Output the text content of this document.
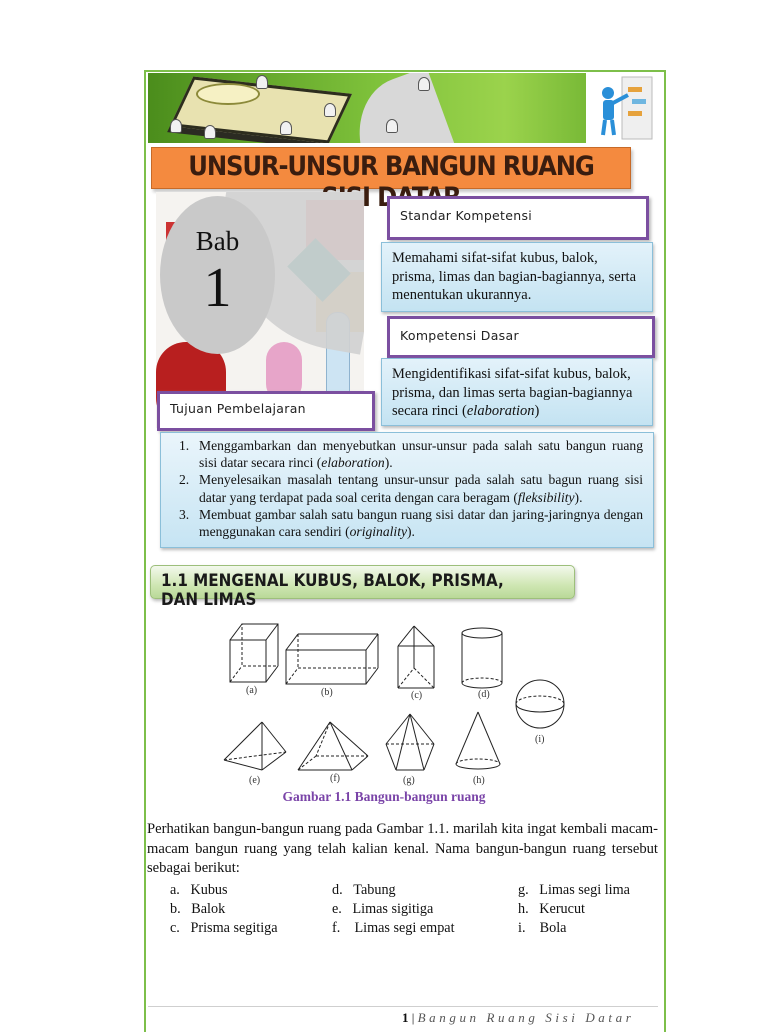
UNSUR-UNSUR BANGUN RUANG
Bab
1
Standar Kompetensi
Memahami sifat-sifat kubus, balok, prisma, limas dan bagian-bagiannya, serta menentukan ukurannya.
Kompetensi Dasar
Mengidentifikasi sifat-sifat kubus, balok, prisma, dan limas serta bagian-bagiannya secara rinci (elaboration)
Tujuan Pembelajaran
1. Menggambarkan dan menyebutkan unsur-unsur pada salah satu bangun ruang sisi datar secara rinci (elaboration).
2. Menyelesaikan masalah tentang unsur-unsur pada salah satu bagun ruang sisi datar yang terdapat pada soal cerita dengan cara beragam (fleksibility).
3. Membuat gambar salah satu bangun ruang sisi datar dan jaring-jaringnya dengan menggunakan cara sendiri (originality).
1.1 MENGENAL KUBUS, BALOK, PRISMA, DAN LIMAS
(a)	(b)	(c)	(d)
(i)
(e)	(f)	(g)	(h)
Gambar 1.1 Bangun-bangun ruang
Perhatikan bangun-bangun ruang pada Gambar 1.1. marilah kita ingat kembali macam-macam bangun ruang yang telah kalian kenal. Nama bangun-bangun ruang tersebut sebagai berikut:
a.   Kubus
b.   Balok
c.   Prisma segitiga
d.   Tabung
e.   Limas sigitiga
f.    Limas segi empat
g.   Limas segi lima
h.   Kerucut
i.    Bola
1 | Bangun Ruang Sisi Datar
